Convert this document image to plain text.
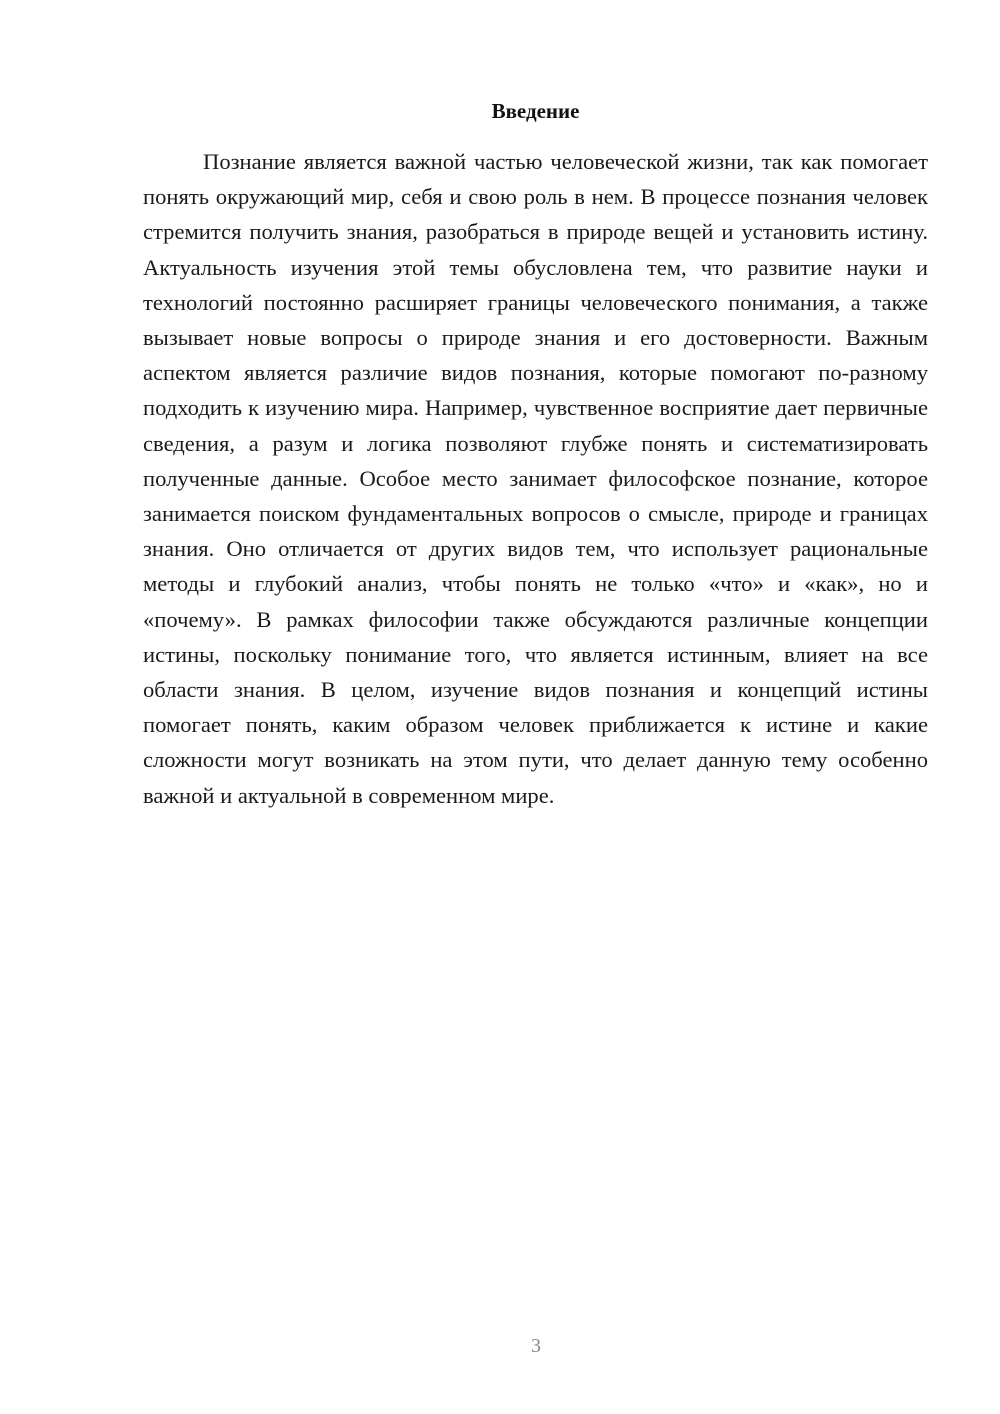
Введение

Познание является важной частью человеческой жизни, так как помогает понять окружающий мир, себя и свою роль в нем. В процессе познания человек стремится получить знания, разобраться в природе вещей и установить истину. Актуальность изучения этой темы обусловлена тем, что развитие науки и технологий постоянно расширяет границы человеческого понимания, а также вызывает новые вопросы о природе знания и его достоверности. Важным аспектом является различие видов познания, которые помогают по-разному подходить к изучению мира. Например, чувственное восприятие дает первичные сведения, а разум и логика позволяют глубже понять и систематизировать полученные данные. Особое место занимает философское познание, которое занимается поиском фундаментальных вопросов о смысле, природе и границах знания. Оно отличается от других видов тем, что использует рациональные методы и глубокий анализ, чтобы понять не только «что» и «как», но и «почему». В рамках философии также обсуждаются различные концепции истины, поскольку понимание того, что является истинным, влияет на все области знания. В целом, изучение видов познания и концепций истины помогает понять, каким образом человек приближается к истине и какие сложности могут возникать на этом пути, что делает данную тему особенно важной и актуальной в современном мире.

3
